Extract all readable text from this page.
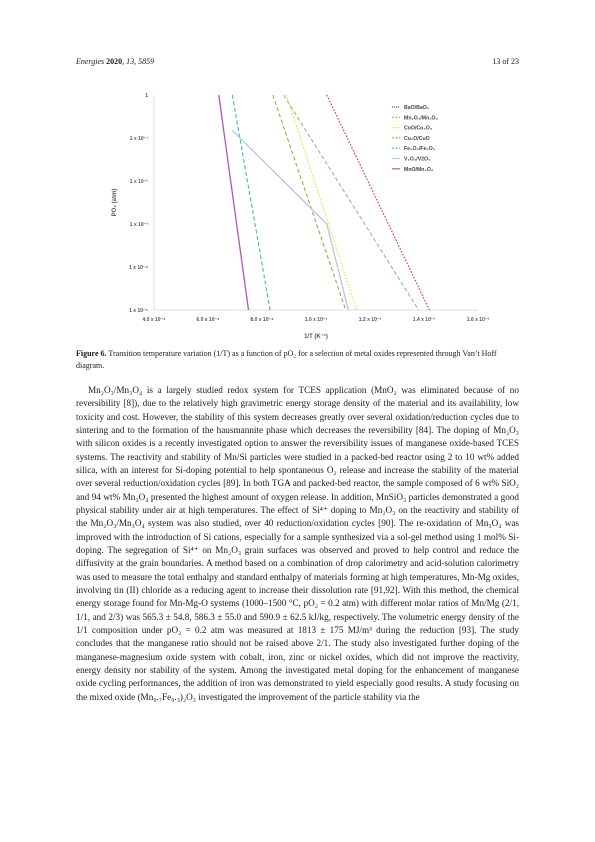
Energies 2020, 13, 5859	13 of 23
1
1 x 10⁻¹
1 x 10⁻²
1 x 10⁻³
1 x 10⁻⁴
1 x 10⁻⁵
4.0 x 10⁻⁴	6.0 x 10⁻⁴	8.0 x 10⁻⁴	1.0 x 10⁻³	1.2 x 10⁻³	1.4 x 10⁻³	1.6 x 10⁻³
1/T (K⁻¹)
PO₂ (atm)
BaO/BaO₂
Mn₂O₄/Mn₂O₃
CoO/Co₃O₄
Cu₂O/CuO
Fe₃O₄/Fe₂O₃
V₂O₄/V2O₅
MnO/Mn₃O₄
Figure 6. Transition temperature variation (1/T) as a function of pO₂ for a selection of metal oxides represented through Van’t Hoff diagram.

Mn₂O₃/Mn₃O₄ is a largely studied redox system for TCES application (MnO₂ was eliminated because of no reversibility [8]), due to the relatively high gravimetric energy storage density of the material and its availability, low toxicity and cost. However, the stability of this system decreases greatly over several oxidation/reduction cycles due to sintering and to the formation of the hausmannite phase which decreases the reversibility [84]. The doping of Mn₂O₃ with silicon oxides is a recently investigated option to answer the reversibility issues of manganese oxide-based TCES systems. The reactivity and stability of Mn/Si particles were studied in a packed-bed reactor using 2 to 10 wt% added silica, with an interest for Si-doping potential to help spontaneous O₂ release and increase the stability of the material over several reduction/oxidation cycles [89]. In both TGA and packed-bed reactor, the sample composed of 6 wt% SiO₂ and 94 wt% Mn₃O₄ presented the highest amount of oxygen release. In addition, MnSiO₃ particles demonstrated a good physical stability under air at high temperatures. The effect of Si⁴⁺ doping to Mn₂O₃ on the reactivity and stability of the Mn₂O₃/Mn₃O₄ system was also studied, over 40 reduction/oxidation cycles [90]. The re-oxidation of Mn₃O₄ was improved with the introduction of Si cations, especially for a sample synthesized via a sol-gel method using 1 mol% Si-doping. The segregation of Si⁴⁺ on Mn₂O₃ grain surfaces was observed and proved to help control and reduce the diffusivity at the grain boundaries. A method based on a combination of drop calorimetry and acid-solution calorimetry was used to measure the total enthalpy and standard enthalpy of materials forming at high temperatures, Mn-Mg oxides, involving tin (II) chloride as a reducing agent to increase their dissolution rate [91,92]. With this method, the chemical energy storage found for Mn-Mg-O systems (1000–1500 °C, pO₂ = 0.2 atm) with different molar ratios of Mn/Mg (2/1, 1/1, and 2/3) was 565.3 ± 54.8, 586.3 ± 55.0 and 590.9 ± 62.5 kJ/kg, respectively. The volumetric energy density of the 1/1 composition under pO₂ = 0.2 atm was measured at 1813 ± 175 MJ/m³ during the reduction [93]. The study concludes that the manganese ratio should not be raised above 2/1. The study also investigated further doping of the manganese-magnesium oxide system with cobalt, iron, zinc or nickel oxides, which did not improve the reactivity, energy density nor stability of the system. Among the investigated metal doping for the enhancement of manganese oxide cycling performances, the addition of iron was demonstrated to yield especially good results. A study focusing on the mixed oxide (Mn₀.₇Fe₀.₃)₂O₃ investigated the improvement of the particle stability via the
